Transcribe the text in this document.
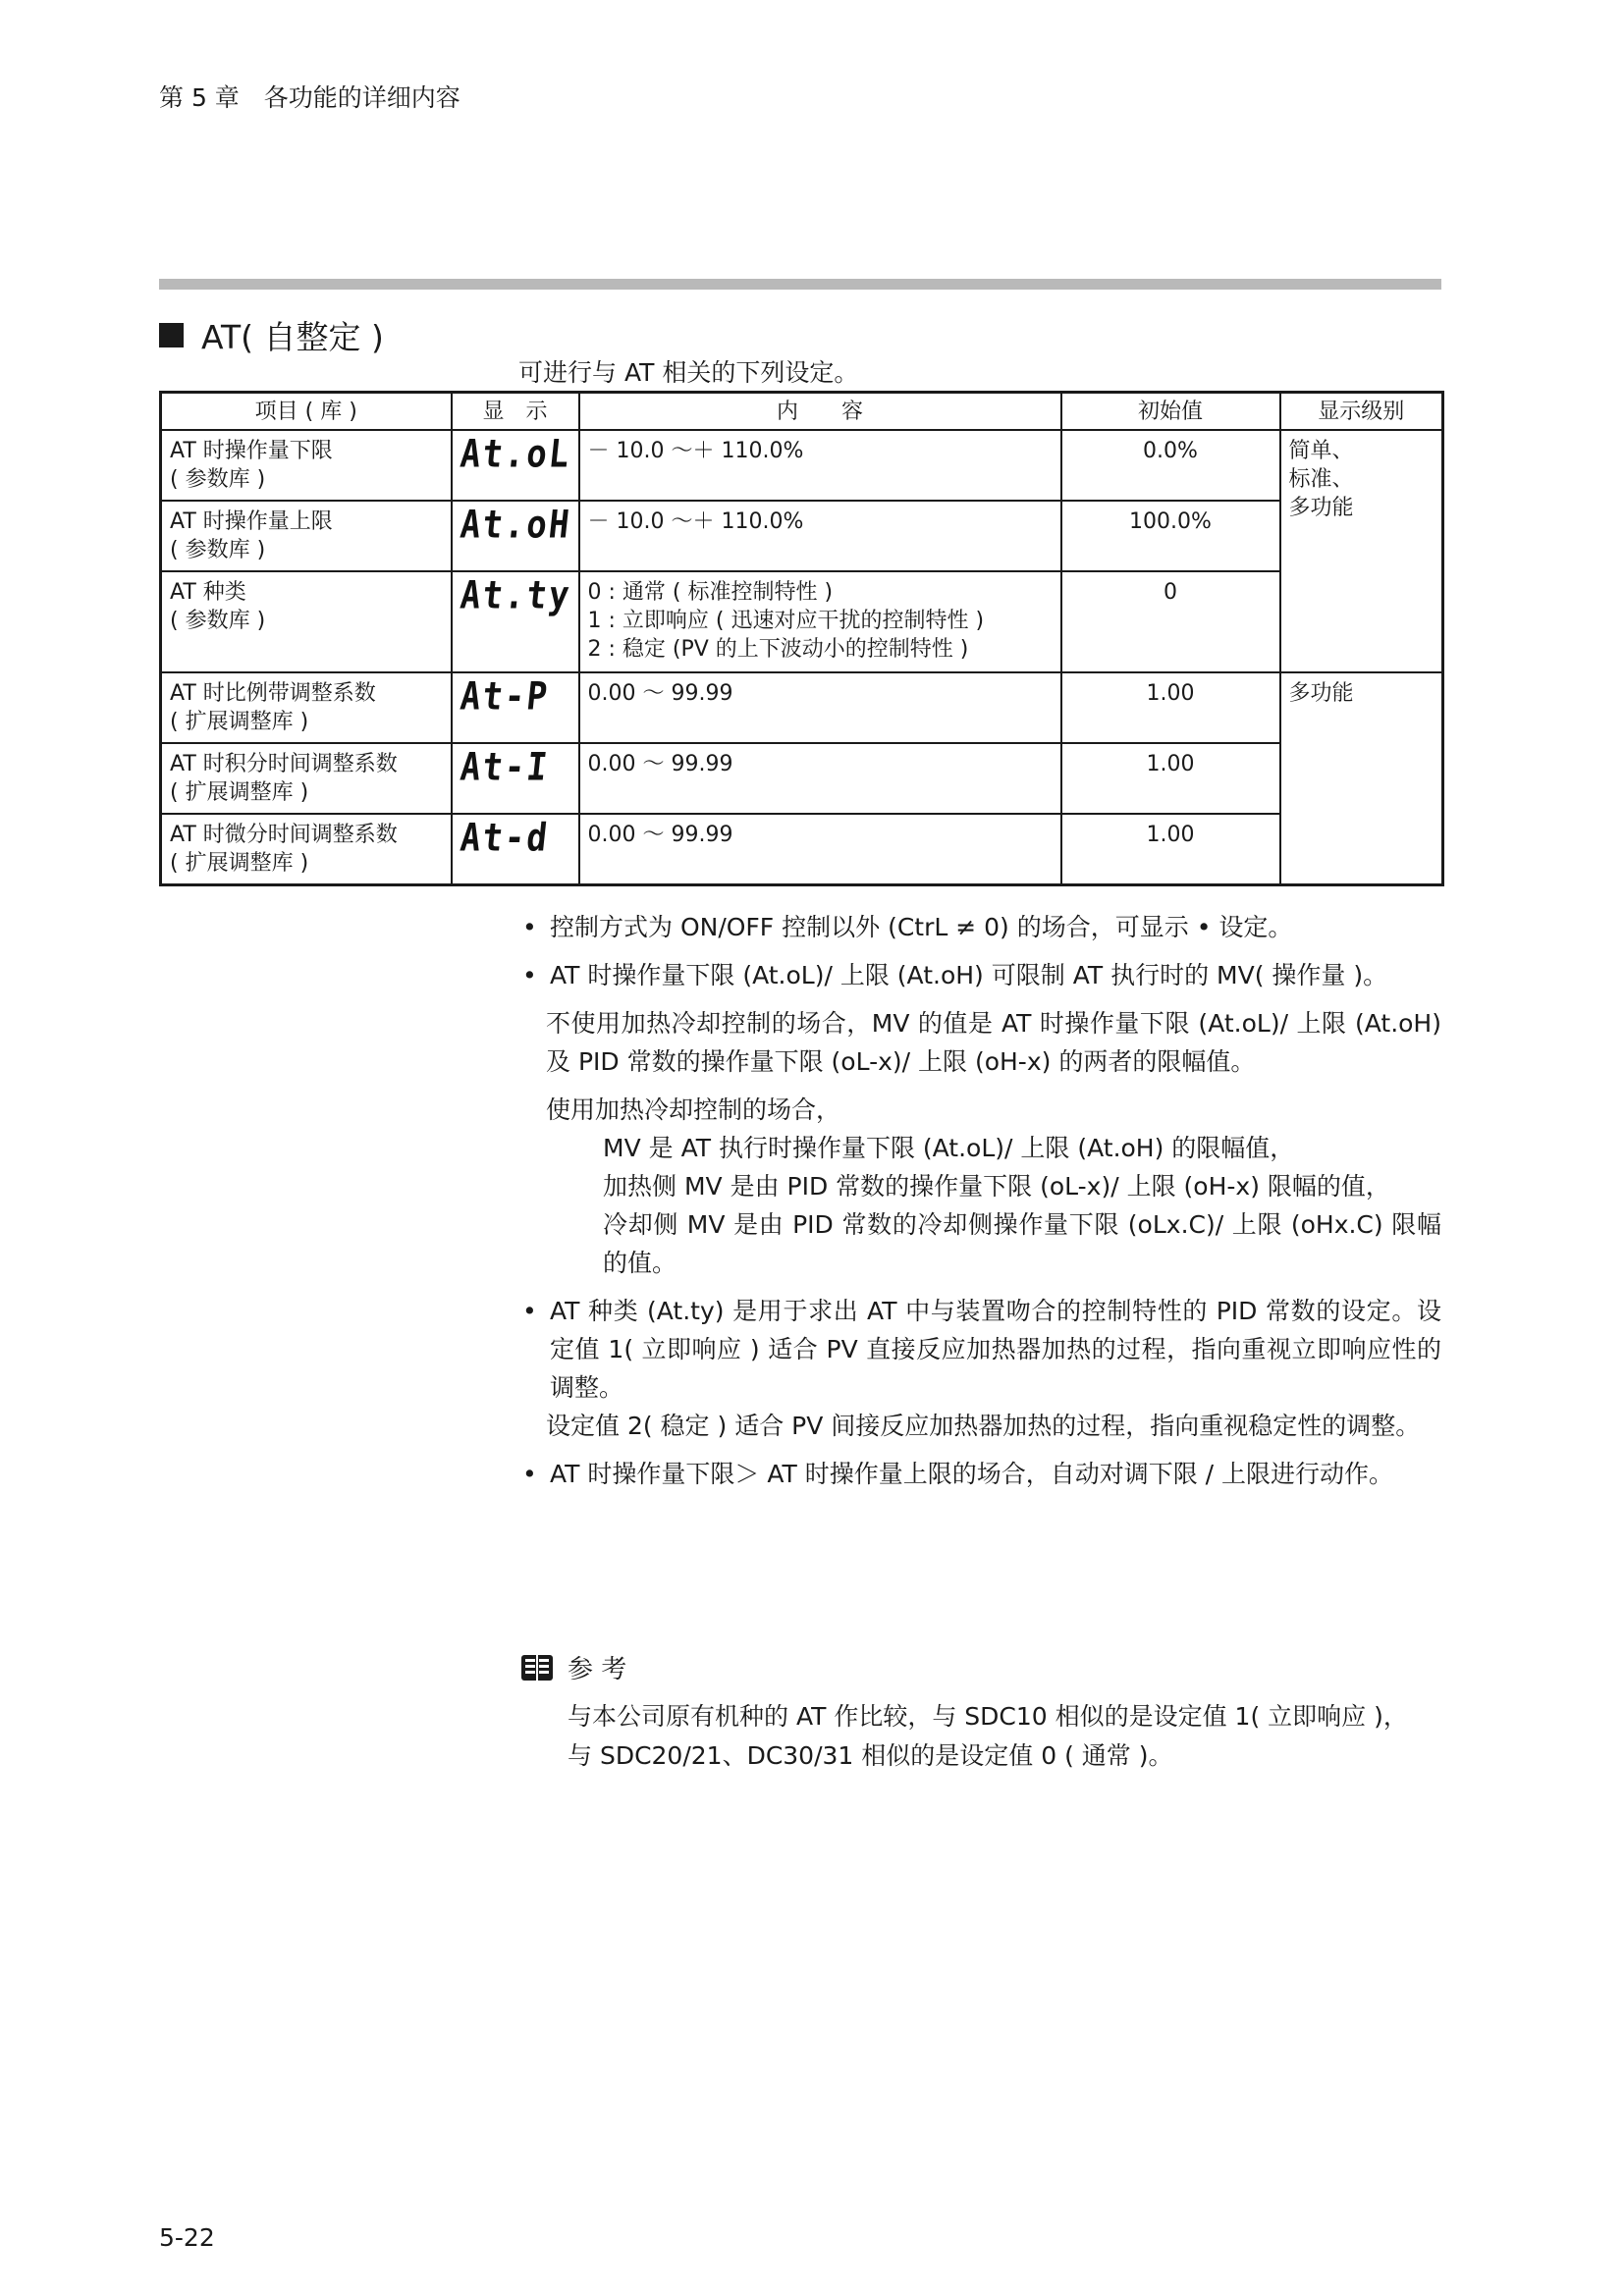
第 5 章　各功能的详细内容
AT( 自整定 )
可进行与 AT 相关的下列设定。
项目 ( 库 )	显　示	内　　容	初始值	显示级别

AT 时操作量下限
( 参数库 )	At.oL	－ 10.0 ～＋ 110.0%	0.0%	简单、
标准、
多功能

AT 时操作量上限
( 参数库 )	At.oH	－ 10.0 ～＋ 110.0%	100.0%	

AT 种类
( 参数库 )	At.ty	0 : 通常 ( 标准控制特性 )
1 : 立即响应 ( 迅速对应干扰的控制特性 )
2 : 稳定 (PV 的上下波动小的控制特性 )	0	

AT 时比例带调整系数
( 扩展调整库 )	At-P	0.00 ～ 99.99	1.00	多功能

AT 时积分时间调整系数
( 扩展调整库 )	At-I	0.00 ～ 99.99	1.00	

AT 时微分时间调整系数
( 扩展调整库 )	At-d	0.00 ～ 99.99	1.00	
• 控制方式为 ON/OFF 控制以外 (CtrL ≠ 0) 的场合，可显示 • 设定。
• AT 时操作量下限 (At.oL)/ 上限 (At.oH) 可限制 AT 执行时的 MV( 操作量 )。
不使用加热冷却控制的场合，MV 的值是 AT 时操作量下限 (At.oL)/ 上限 (At.oH) 及 PID 常数的操作量下限 (oL-x)/ 上限 (oH-x) 的两者的限幅值。
使用加热冷却控制的场合，
MV 是 AT 执行时操作量下限 (At.oL)/ 上限 (At.oH) 的限幅值，
加热侧 MV 是由 PID 常数的操作量下限 (oL-x)/ 上限 (oH-x) 限幅的值，
冷却侧 MV 是由 PID 常数的冷却侧操作量下限 (oLx.C)/ 上限 (oHx.C) 限幅的值。
• AT 种类 (At.ty) 是用于求出 AT 中与装置吻合的控制特性的 PID 常数的设定。设定值 1( 立即响应 ) 适合 PV 直接反应加热器加热的过程，指向重视立即响应性的调整。
设定值 2( 稳定 ) 适合 PV 间接反应加热器加热的过程，指向重视稳定性的调整。
• AT 时操作量下限＞ AT 时操作量上限的场合，自动对调下限 / 上限进行动作。
参 考
与本公司原有机种的 AT 作比较，与 SDC10 相似的是设定值 1( 立即响应 )，
与 SDC20/21、DC30/31 相似的是设定值 0 ( 通常 )。
5-22
